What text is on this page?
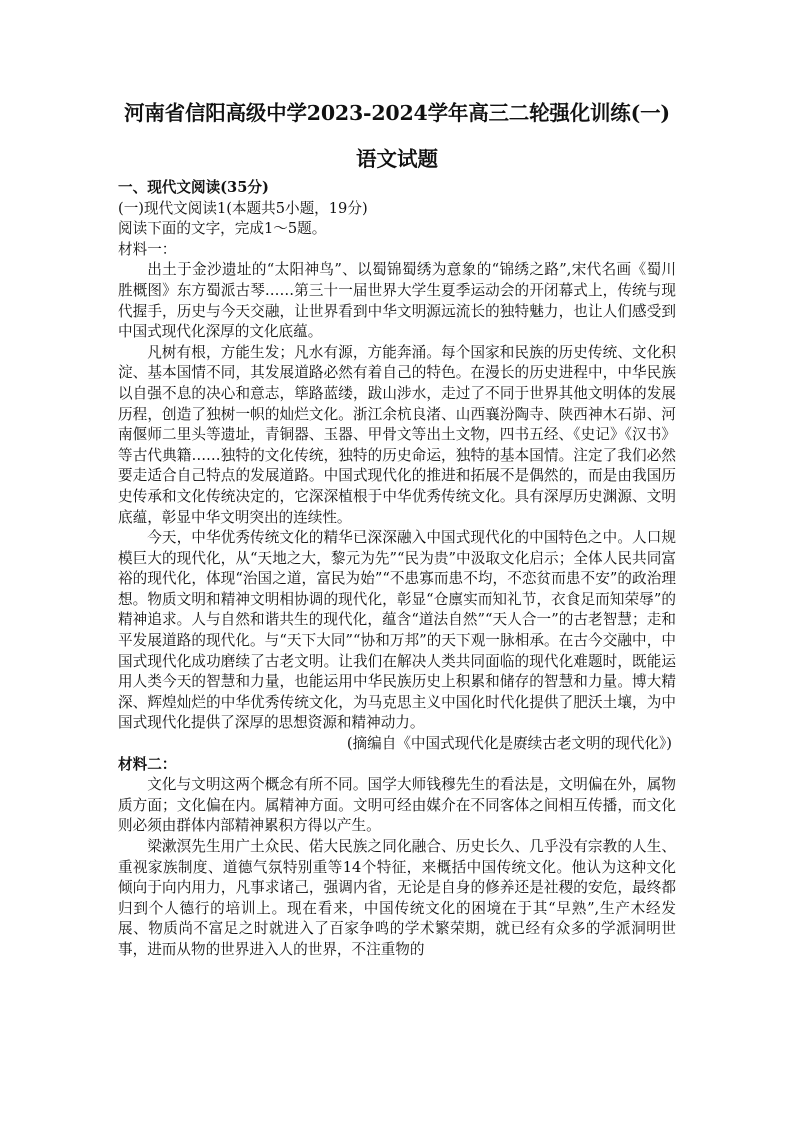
河南省信阳高级中学2023-2024学年高三二轮强化训练(一)

语文试题

一、现代文阅读(35分)

(一)现代文阅读1(本题共5小题，19分)

阅读下面的文字，完成1～5题。

材料一：

出土于金沙遗址的“太阳神鸟”、以蜀锦蜀绣为意象的“锦绣之路”,宋代名画《蜀川胜概图》东方蜀派古琴……第三十一届世界大学生夏季运动会的开闭幕式上，传统与现代握手，历史与今天交融，让世界看到中华文明源远流长的独特魅力，也让人们感受到中国式现代化深厚的文化底蕴。

凡树有根，方能生发；凡水有源，方能奔涌。每个国家和民族的历史传统、文化积淀、基本国情不同，其发展道路必然有着自己的特色。在漫长的历史进程中，中华民族以自强不息的决心和意志，筚路蓝缕，跋山涉水，走过了不同于世界其他文明体的发展历程，创造了独树一帜的灿烂文化。浙江余杭良渚、山西襄汾陶寺、陕西神木石峁、河南偃师二里头等遗址，青铜器、玉器、甲骨文等出土文物，四书五经、《史记》《汉书》等古代典籍……独特的文化传统，独特的历史命运，独特的基本国情。注定了我们必然要走适合自己特点的发展道路。中国式现代化的推进和拓展不是偶然的，而是由我国历史传承和文化传统决定的，它深深植根于中华优秀传统文化。具有深厚历史渊源、文明底蕴，彰显中华文明突出的连续性。

今天，中华优秀传统文化的精华已深深融入中国式现代化的中国特色之中。人口规模巨大的现代化，从“天地之大，黎元为先”“民为贵”中汲取文化启示；全体人民共同富裕的现代化，体现“治国之道，富民为始”“不患寡而患不均，不恋贫而患不安”的政治理想。物质文明和精神文明相协调的现代化，彰显“仓廪实而知礼节，衣食足而知荣辱”的精神追求。人与自然和谐共生的现代化，蕴含“道法自然”“天人合一”的古老智慧；走和平发展道路的现代化。与“天下大同”“协和万邦”的天下观一脉相承。在古今交融中，中国式现代化成功磨续了古老文明。让我们在解决人类共同面临的现代化难题时，既能运用人类今天的智慧和力量，也能运用中华民族历史上积累和储存的智慧和力量。博大精深、辉煌灿烂的中华优秀传统文化，为马克思主义中国化时代化提供了肥沃土壤，为中国式现代化提供了深厚的思想资源和精神动力。

(摘编自《中国式现代化是赓续古老文明的现代化》)

材料二：

文化与文明这两个概念有所不同。国学大师钱穆先生的看法是，文明偏在外，属物质方面；文化偏在内。属精神方面。文明可经由媒介在不同客体之间相互传播，而文化则必须由群体内部精神累积方得以产生。

梁漱溟先生用广土众民、偌大民族之同化融合、历史长久、几乎没有宗教的人生、重视家族制度、道德气氛特别重等14个特征，来概括中国传统文化。他认为这种文化倾向于向内用力，凡事求诸己，强调内省，无论是自身的修养还是社稷的安危，最终都归到个人德行的培训上。现在看来，中国传统文化的困境在于其“早熟”,生产木经发展、物质尚不富足之时就进入了百家争鸣的学术繁荣期，就已经有众多的学派洞明世事，进而从物的世界进入人的世界，不注重物的
